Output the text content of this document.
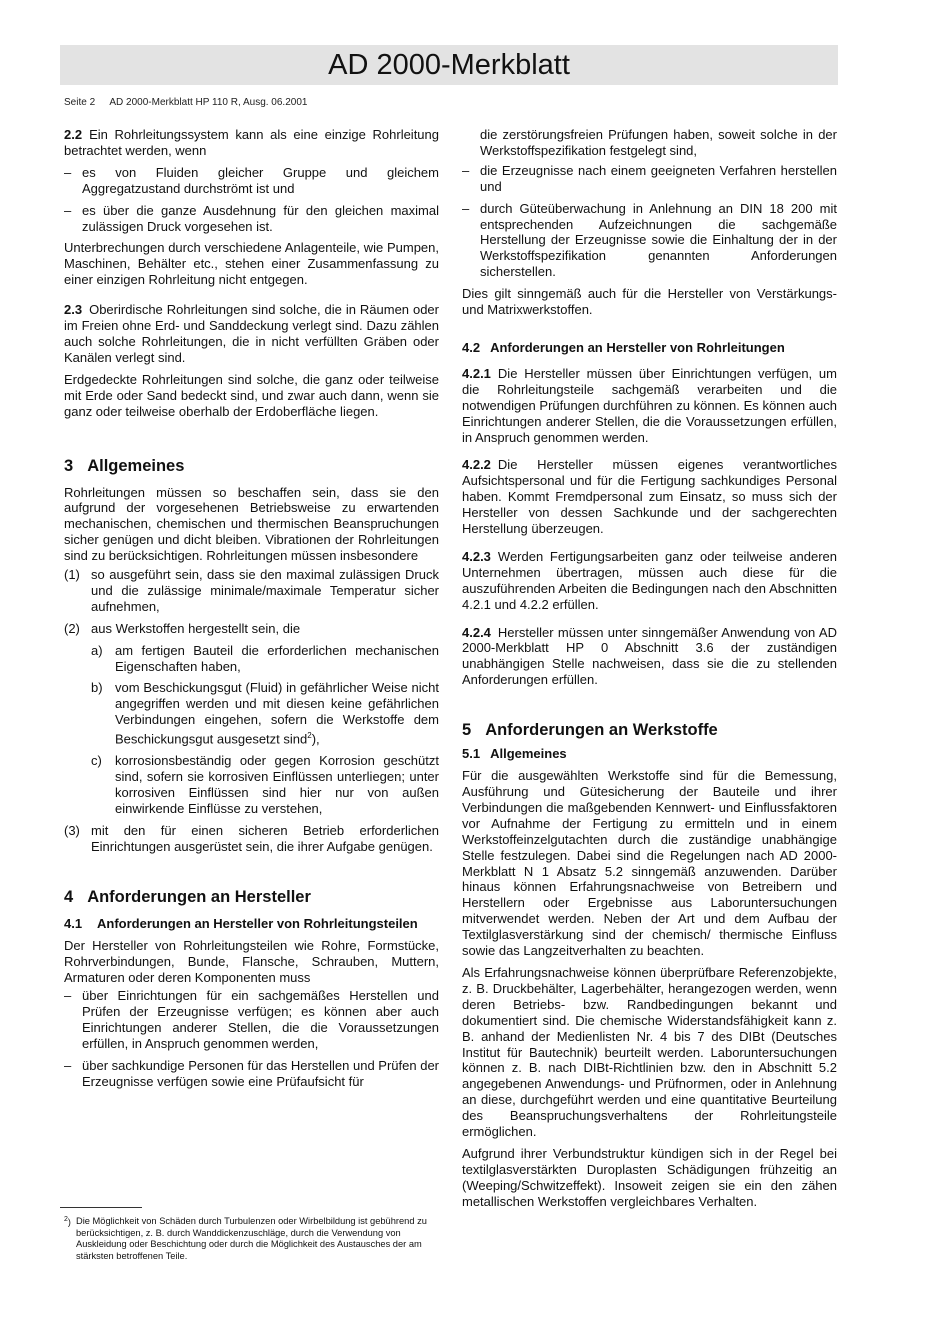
AD 2000-Merkblatt
Seite 2 AD 2000-Merkblatt HP 110 R, Ausg. 06.2001

2.2 Ein Rohrleitungssystem kann als eine einzige Rohrleitung betrachtet werden, wenn

– es von Fluiden gleicher Gruppe und gleichem Aggregatzustand durchströmt ist und

– es über die ganze Ausdehnung für den gleichen maximal zulässigen Druck vorgesehen ist.

Unterbrechungen durch verschiedene Anlagenteile, wie Pumpen, Maschinen, Behälter etc., stehen einer Zusammenfassung zu einer einzigen Rohrleitung nicht entgegen.

2.3 Oberirdische Rohrleitungen sind solche, die in Räumen oder im Freien ohne Erd- und Sanddeckung verlegt sind. Dazu zählen auch solche Rohrleitungen, die in nicht verfüllten Gräben oder Kanälen verlegt sind.

Erdgedeckte Rohrleitungen sind solche, die ganz oder teilweise mit Erde oder Sand bedeckt sind, und zwar auch dann, wenn sie ganz oder teilweise oberhalb der Erdoberfläche liegen.

3 Allgemeines

Rohrleitungen müssen so beschaffen sein, dass sie den aufgrund der vorgesehenen Betriebsweise zu erwartenden mechanischen, chemischen und thermischen Beanspruchungen sicher genügen und dicht bleiben. Vibrationen der Rohrleitungen sind zu berücksichtigen. Rohrleitungen müssen insbesondere

(1) so ausgeführt sein, dass sie den maximal zulässigen Druck und die zulässige minimale/maximale Temperatur sicher aufnehmen,

(2) aus Werkstoffen hergestellt sein, die

a) am fertigen Bauteil die erforderlichen mechanischen Eigenschaften haben,

b) vom Beschickungsgut (Fluid) in gefährlicher Weise nicht angegriffen werden und mit diesen keine gefährlichen Verbindungen eingehen, sofern die Werkstoffe dem Beschickungsgut ausgesetzt sind$^2$),

c) korrosionsbeständig oder gegen Korrosion geschützt sind, sofern sie korrosiven Einflüssen unterliegen; unter korrosiven Einflüssen sind hier nur von außen einwirkende Einflüsse zu verstehen,

(3) mit den für einen sicheren Betrieb erforderlichen Einrichtungen ausgerüstet sein, die ihrer Aufgabe genügen.

4 Anforderungen an Hersteller
4.1 Anforderungen an Hersteller von Rohrleitungsteilen

Der Hersteller von Rohrleitungsteilen wie Rohre, Formstücke, Rohrverbindungen, Bunde, Flansche, Schrauben, Muttern, Armaturen oder deren Komponenten muss

– über Einrichtungen für ein sachgemäßes Herstellen und Prüfen der Erzeugnisse verfügen; es können aber auch Einrichtungen anderer Stellen, die die Voraussetzungen erfüllen, in Anspruch genommen werden,

– über sachkundige Personen für das Herstellen und Prüfen der Erzeugnisse verfügen sowie eine Prüfaufsicht für

die zerstörungsfreien Prüfungen haben, soweit solche in der Werkstoffspezifikation festgelegt sind,

– die Erzeugnisse nach einem geeigneten Verfahren herstellen und

– durch Güteüberwachung in Anlehnung an DIN 18 200 mit entsprechenden Aufzeichnungen die sachgemäße Herstellung der Erzeugnisse sowie die Einhaltung der in der Werkstoffspezifikation genannten Anforderungen sicherstellen.

Dies gilt sinngemäß auch für die Hersteller von Verstärkungs- und Matrixwerkstoffen.

4.2 Anforderungen an Hersteller von Rohrleitungen

4.2.1 Die Hersteller müssen über Einrichtungen verfügen, um die Rohrleitungsteile sachgemäß verarbeiten und die notwendigen Prüfungen durchführen zu können. Es können auch Einrichtungen anderer Stellen, die die Voraussetzungen erfüllen, in Anspruch genommen werden.

4.2.2 Die Hersteller müssen eigenes verantwortliches Aufsichtspersonal und für die Fertigung sachkundiges Personal haben. Kommt Fremdpersonal zum Einsatz, so muss sich der Hersteller von dessen Sachkunde und der sachgerechten Herstellung überzeugen.

4.2.3 Werden Fertigungsarbeiten ganz oder teilweise anderen Unternehmen übertragen, müssen auch diese für die auszuführenden Arbeiten die Bedingungen nach den Abschnitten 4.2.1 und 4.2.2 erfüllen.

4.2.4 Hersteller müssen unter sinngemäßer Anwendung von AD 2000-Merkblatt HP 0 Abschnitt 3.6 der zuständigen unabhängigen Stelle nachweisen, dass sie die zu stellenden Anforderungen erfüllen.

5 Anforderungen an Werkstoffe
5.1 Allgemeines

Für die ausgewählten Werkstoffe sind für die Bemessung, Ausführung und Gütesicherung der Bauteile und ihrer Verbindungen die maßgebenden Kennwert- und Einflussfaktoren vor Aufnahme der Fertigung zu ermitteln und in einem Werkstoffeinzelgutachten durch die zuständige unabhängige Stelle festzulegen. Dabei sind die Regelungen nach AD 2000-Merkblatt N 1 Absatz 5.2 sinngemäß anzuwenden. Darüber hinaus können Erfahrungsnachweise von Betreibern und Herstellern oder Ergebnisse aus Laboruntersuchungen mitverwendet werden. Neben der Art und dem Aufbau der Textilglasverstärkung sind der chemisch/ thermische Einfluss sowie das Langzeitverhalten zu beachten.

Als Erfahrungsnachweise können überprüfbare Referenzobjekte, z. B. Druckbehälter, Lagerbehälter, herangezogen werden, wenn deren Betriebs- bzw. Randbedingungen bekannt und dokumentiert sind. Die chemische Widerstandsfähigkeit kann z. B. anhand der Medienlisten Nr. 4 bis 7 des DIBt (Deutsches Institut für Bautechnik) beurteilt werden. Laboruntersuchungen können z. B. nach DIBt-Richtlinien bzw. den in Abschnitt 5.2 angegebenen Anwendungs- und Prüfnormen, oder in Anlehnung an diese, durchgeführt werden und eine quantitative Beurteilung des Beanspruchungsverhaltens der Rohrleitungsteile ermöglichen.

Aufgrund ihrer Verbundstruktur kündigen sich in der Regel bei textilglasverstärkten Duroplasten Schädigungen frühzeitig an (Weeping/Schwitzeffekt). Insoweit zeigen sie ein den zähen metallischen Werkstoffen vergleichbares Verhalten.

$^2$) Die Möglichkeit von Schäden durch Turbulenzen oder Wirbelbildung ist gebührend zu berücksichtigen, z. B. durch Wanddickenzuschläge, durch die Verwendung von Auskleidung oder Beschichtung oder durch die Möglichkeit des Austausches der am stärksten betroffenen Teile.
